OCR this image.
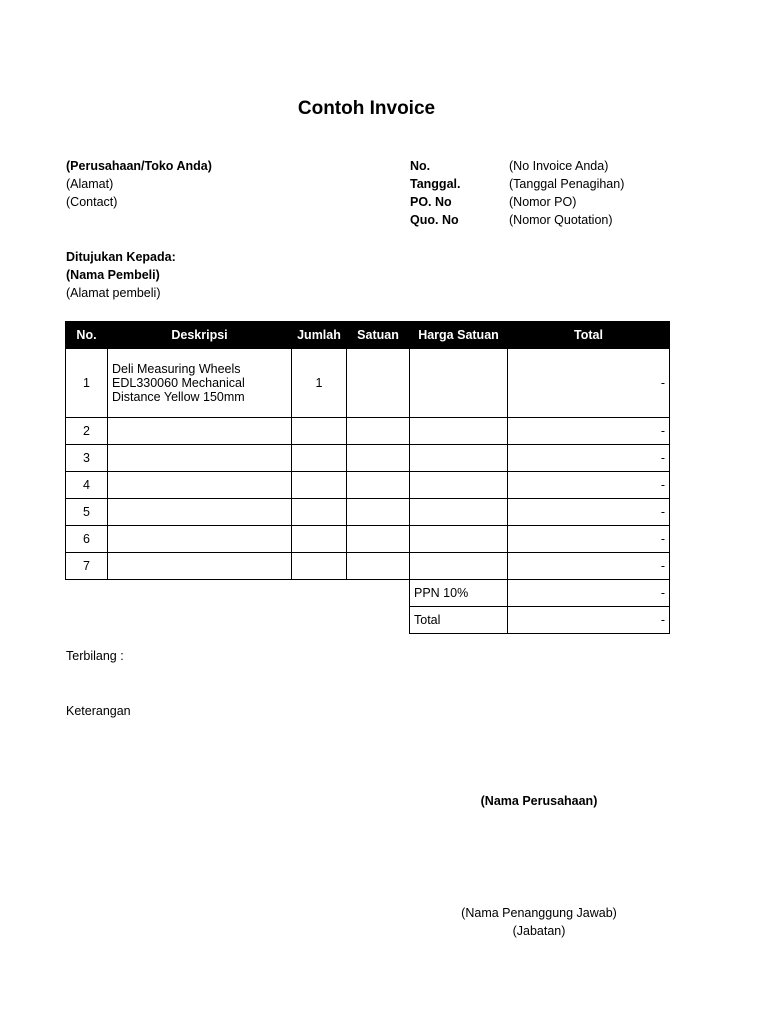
Contoh Invoice
(Perusahaan/Toko Anda)
(Alamat)
(Contact)
No.	(No Invoice Anda)
Tanggal.	(Tanggal Penagihan)
PO. No	(Nomor PO)
Quo. No	(Nomor Quotation)
Ditujukan Kepada:
(Nama Pembeli)
(Alamat pembeli)
No.	Deskripsi	Jumlah	Satuan	Harga Satuan	Total
1	Deli Measuring Wheels EDL330060 Mechanical Distance Yellow 150mm	1			-
2					-
3					-
4					-
5					-
6					-
7					-
				PPN 10%	-
				Total	-
Terbilang :
Keterangan
(Nama Perusahaan)
(Nama Penanggung Jawab)
(Jabatan)
